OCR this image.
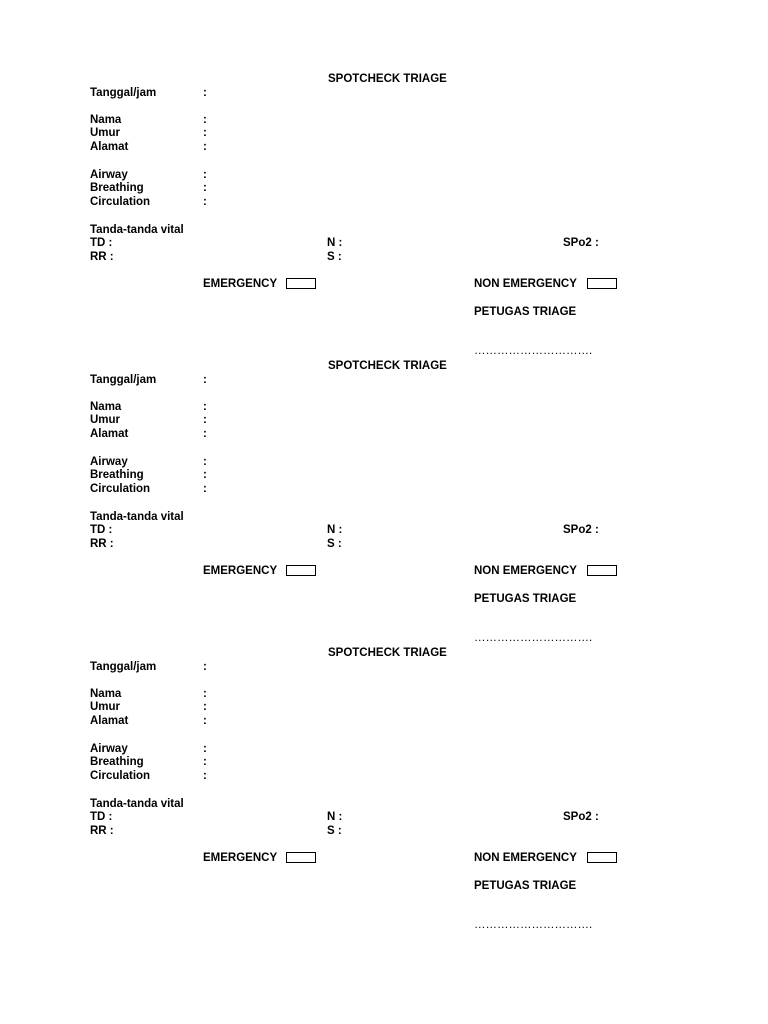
SPOTCHECK TRIAGE
Tanggal/jam	:
Nama	:
Umur	:
Alamat	:
Airway	:
Breathing	:
Circulation	:
Tanda-tanda vital
TD :	N :	SPo2 :
RR :	S :
EMERGENCY	NON EMERGENCY
PETUGAS TRIAGE
………………………….
SPOTCHECK TRIAGE
Tanggal/jam	:
Nama	:
Umur	:
Alamat	:
Airway	:
Breathing	:
Circulation	:
Tanda-tanda vital
TD :	N :	SPo2 :
RR :	S :
EMERGENCY	NON EMERGENCY
PETUGAS TRIAGE
………………………….
SPOTCHECK TRIAGE
Tanggal/jam	:
Nama	:
Umur	:
Alamat	:
Airway	:
Breathing	:
Circulation	:
Tanda-tanda vital
TD :	N :	SPo2 :
RR :	S :
EMERGENCY	NON EMERGENCY
PETUGAS TRIAGE
………………………….
